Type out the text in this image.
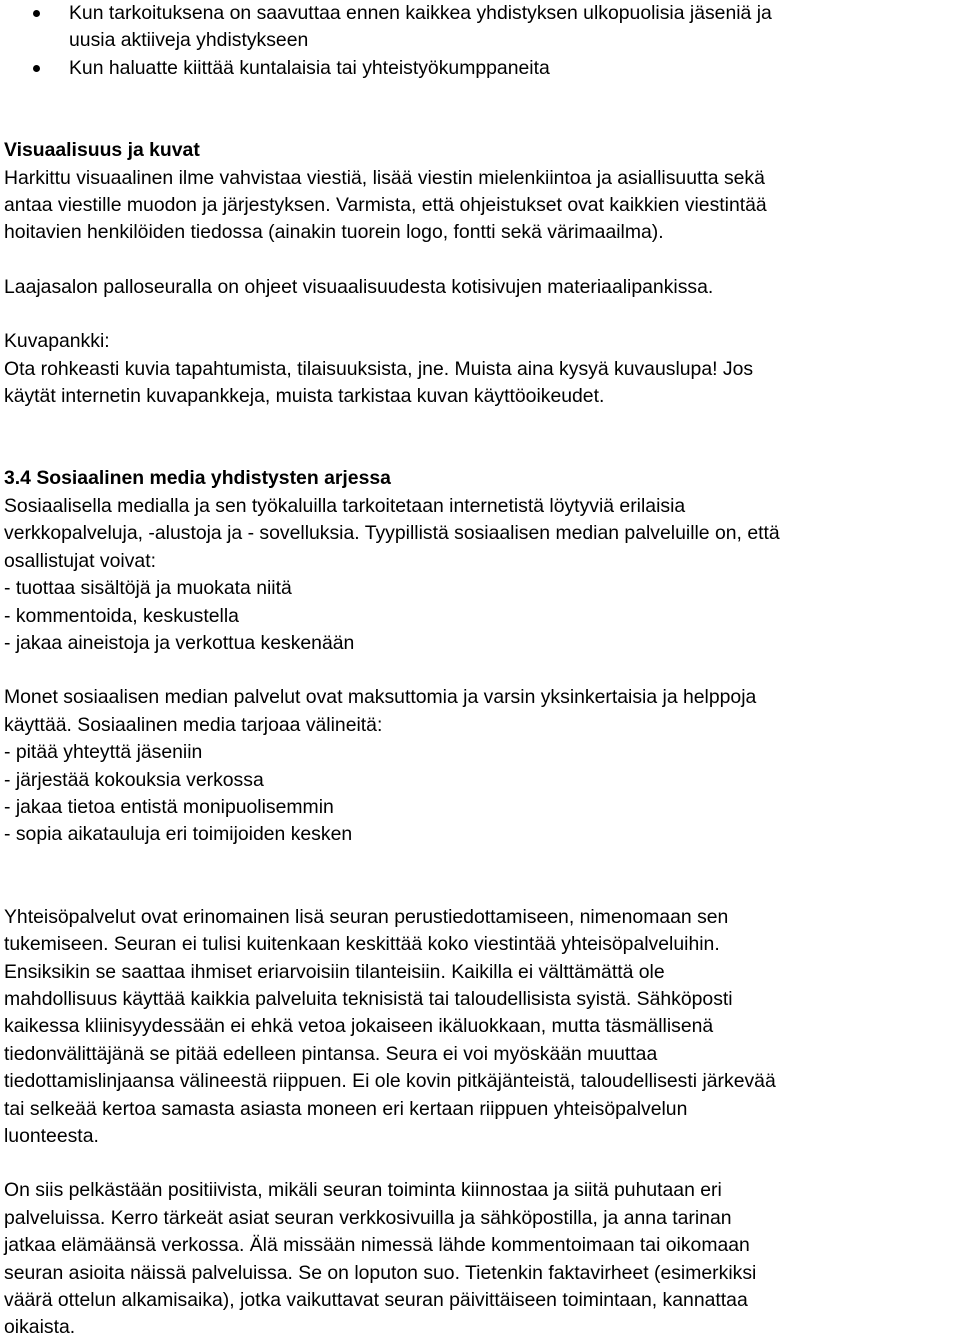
Kun tarkoituksena on saavuttaa ennen kaikkea yhdistyksen ulkopuolisia jäseniä ja
uusia aktiiveja yhdistykseen
Kun haluatte kiittää kuntalaisia tai yhteistyökumppaneita

Visuaalisuus ja kuvat

Harkittu visuaalinen ilme vahvistaa viestiä, lisää viestin mielenkiintoa ja asiallisuutta sekä
antaa viestille muodon ja järjestyksen. Varmista, että ohjeistukset ovat kaikkien viestintää
hoitavien henkilöiden tiedossa (ainakin tuorein logo, fontti sekä värimaailma).

Laajasalon palloseuralla on ohjeet visuaalisuudesta kotisivujen materiaalipankissa.

Kuvapankki:
Ota rohkeasti kuvia tapahtumista, tilaisuuksista, jne. Muista aina kysyä kuvauslupa! Jos
käytät internetin kuvapankkeja, muista tarkistaa kuvan käyttöoikeudet.

3.4 Sosiaalinen media yhdistysten arjessa

Sosiaalisella medialla ja sen työkaluilla tarkoitetaan internetistä löytyviä erilaisia
verkkopalveluja, -alustoja ja - sovelluksia. Tyypillistä sosiaalisen median palveluille on, että
osallistujat voivat:
- tuottaa sisältöjä ja muokata niitä
- kommentoida, keskustella
- jakaa aineistoja ja verkottua keskenään

Monet sosiaalisen median palvelut ovat maksuttomia ja varsin yksinkertaisia ja helppoja
käyttää. Sosiaalinen media tarjoaa välineitä:
- pitää yhteyttä jäseniin
- järjestää kokouksia verkossa
- jakaa tietoa entistä monipuolisemmin
- sopia aikatauluja eri toimijoiden kesken

Yhteisöpalvelut ovat erinomainen lisä seuran perustiedottamiseen, nimenomaan sen
tukemiseen. Seuran ei tulisi kuitenkaan keskittää koko viestintää yhteisöpalveluihin.
Ensiksikin se saattaa ihmiset eriarvoisiin tilanteisiin. Kaikilla ei välttämättä ole
mahdollisuus käyttää kaikkia palveluita teknisistä tai taloudellisista syistä. Sähköposti
kaikessa kliinisyydessään ei ehkä vetoa jokaiseen ikäluokkaan, mutta täsmällisenä
tiedonvälittäjänä se pitää edelleen pintansa. Seura ei voi myöskään muuttaa
tiedottamislinjaansa välineestä riippuen. Ei ole kovin pitkäjänteistä, taloudellisesti järkevää
tai selkeää kertoa samasta asiasta moneen eri kertaan riippuen yhteisöpalvelun
luonteesta.

On siis pelkästään positiivista, mikäli seuran toiminta kiinnostaa ja siitä puhutaan eri
palveluissa. Kerro tärkeät asiat seuran verkkosivuilla ja sähköpostilla, ja anna tarinan
jatkaa elämäänsä verkossa. Älä missään nimessä lähde kommentoimaan tai oikomaan
seuran asioita näissä palveluissa. Se on loputon suo. Tietenkin faktavirheet (esimerkiksi
väärä ottelun alkamisaika), jotka vaikuttavat seuran päivittäiseen toimintaan, kannattaa
oikaista.
